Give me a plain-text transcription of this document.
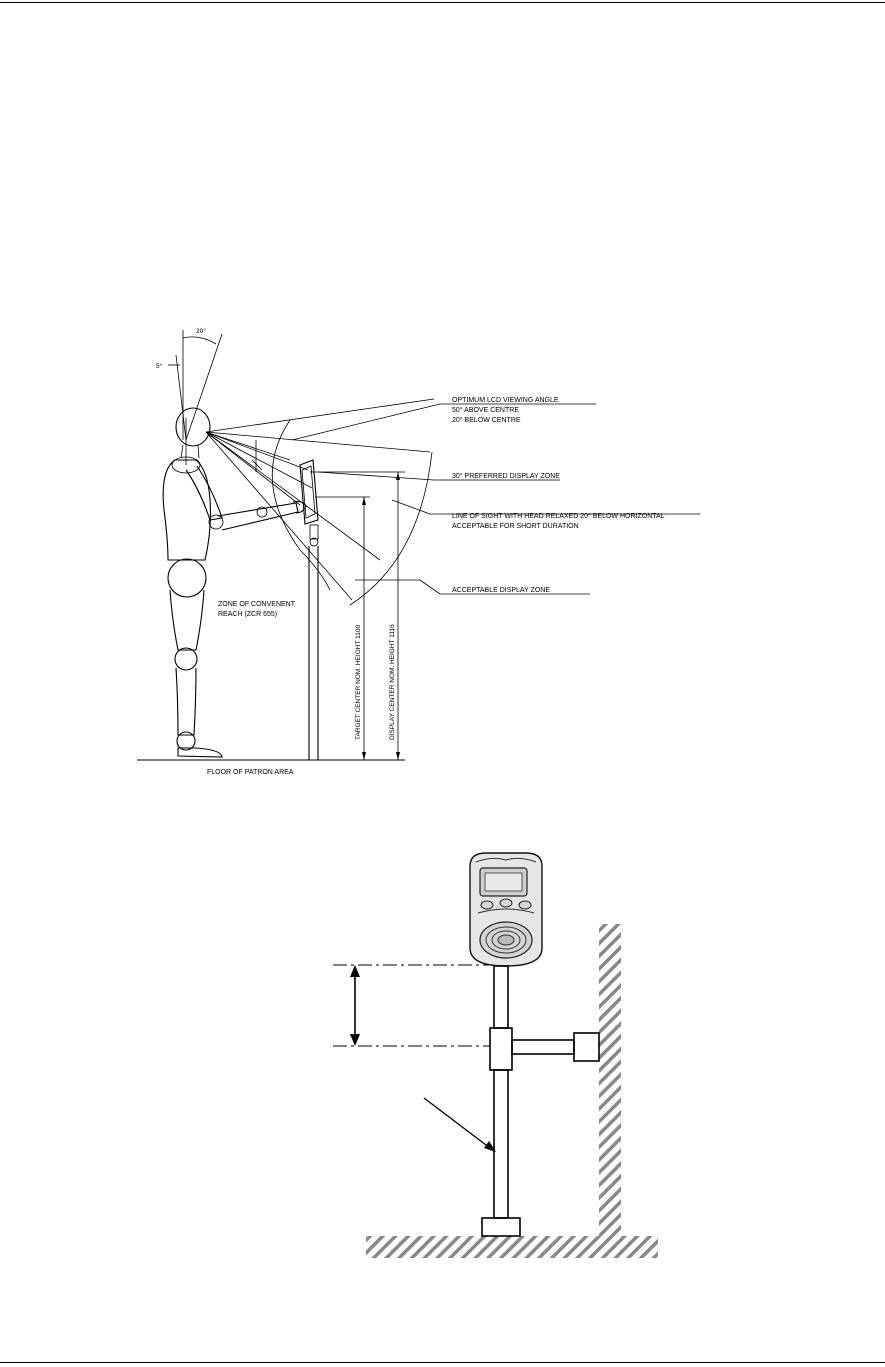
20°
5°
TARGET CENTER NOM. HEIGHT 1100	DISPLAY CENTER NOM. HEIGHT 1116
OPTIMUM LCD VIEWING ANGLE
50° ABOVE CENTRE
20° BELOW CENTRE
30° PREFERRED DISPLAY ZONE
LINE OF SIGHT WITH HEAD RELAXED 20° BELOW HORIZONTAL
ACCEPTABLE FOR SHORT DURATION
ACCEPTABLE DISPLAY ZONE
ZONE OF CONVENENT
REACH (ZCR 655)
FLOOR OF PATRON AREA
